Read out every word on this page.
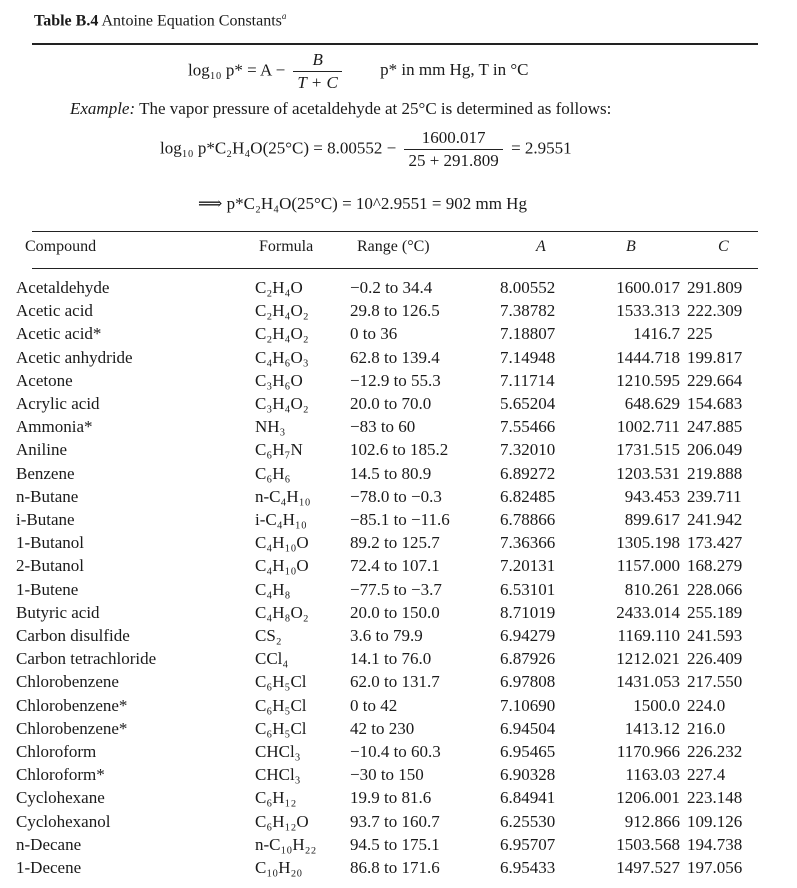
Table B.4 Antoine Equation Constants$^a$
log₁₀ $p* = A - \frac{B}{T + C} p*$ in mm Hg, T in °C
Example: The vapor pressure of acetaldehyde at 25°C is determined as follows:
log₁₀ $p*C_2H_4O(25^\circ C) = 8.00552 - \frac{1600.017}{25 + 291.809} = 2.9551$
⟹ p*C₂H₄O(25°C) = 10^2.9551 = 902 mm Hg
Compound	Formula	Range (°C)	A	B	C
Acetaldehyde	C₂H₄O	−0.2 to 34.4	8.00552	1600.017 291.809
Acetic acid	C₂H₄O₂ 29.8 to 126.5	7.38782	1533.313 222.309
Acetic acid*	C₂H₄O₂ 0 to 36	7.18807	1416.7 225
Acetic anhydride	C₄H₆O₃ 62.8 to 139.4	7.14948	1444.718 199.817
Acetone	C₃H₆O	−12.9 to 55.3	7.11714	1210.595 229.664
Acrylic acid	C₃H₄O₂ 20.0 to 70.0	5.65204	648.629 154.683
Ammonia*	NH₃	−83 to 60	7.55466	1002.711 247.885
Aniline	C₆H₇N	102.6 to 185.2	7.32010	1731.515 206.049
Benzene	C₆H₆	14.5 to 80.9	6.89272	1203.531 219.888
n-Butane	n-C₄H₁₀ −78.0 to −0.3	6.82485	943.453 239.711
i-Butane	i-C₄H₁₀	−85.1 to −11.6	6.78866	899.617 241.942
1-Butanol	C₄H₁₀O 89.2 to 125.7	7.36366	1305.198 173.427
2-Butanol	C₄H₁₀O 72.4 to 107.1	7.20131	1157.000 168.279
1-Butene	C₄H₈	−77.5 to −3.7	6.53101	810.261 228.066
Butyric acid	C₄H₈O₂ 20.0 to 150.0	8.71019	2433.014 255.189
Carbon disulfide	CS₂	3.6 to 79.9	6.94279	1169.110 241.593
Carbon tetrachloride	CCl₄	14.1 to 76.0	6.87926	1212.021 226.409
Chlorobenzene	C₆H₅Cl	62.0 to 131.7	6.97808	1431.053 217.550
Chlorobenzene*	C₆H₅Cl	0 to 42	7.10690	1500.0 224.0
Chlorobenzene*	C₆H₅Cl	42 to 230	6.94504	1413.12 216.0
Chloroform	CHCl₃	−10.4 to 60.3	6.95465	1170.966 226.232
Chloroform*	CHCl₃	−30 to 150	6.90328	1163.03 227.4
Cyclohexane	C₆H₁₂	19.9 to 81.6	6.84941	1206.001 223.148
Cyclohexanol	C₆H₁₂O 93.7 to 160.7	6.25530	912.866 109.126
n-Decane	n-C₁₀H₂₂ 94.5 to 175.1	6.95707	1503.568 194.738
1-Decene	C₁₀H₂₀	86.8 to 171.6	6.95433	1497.527 197.056
